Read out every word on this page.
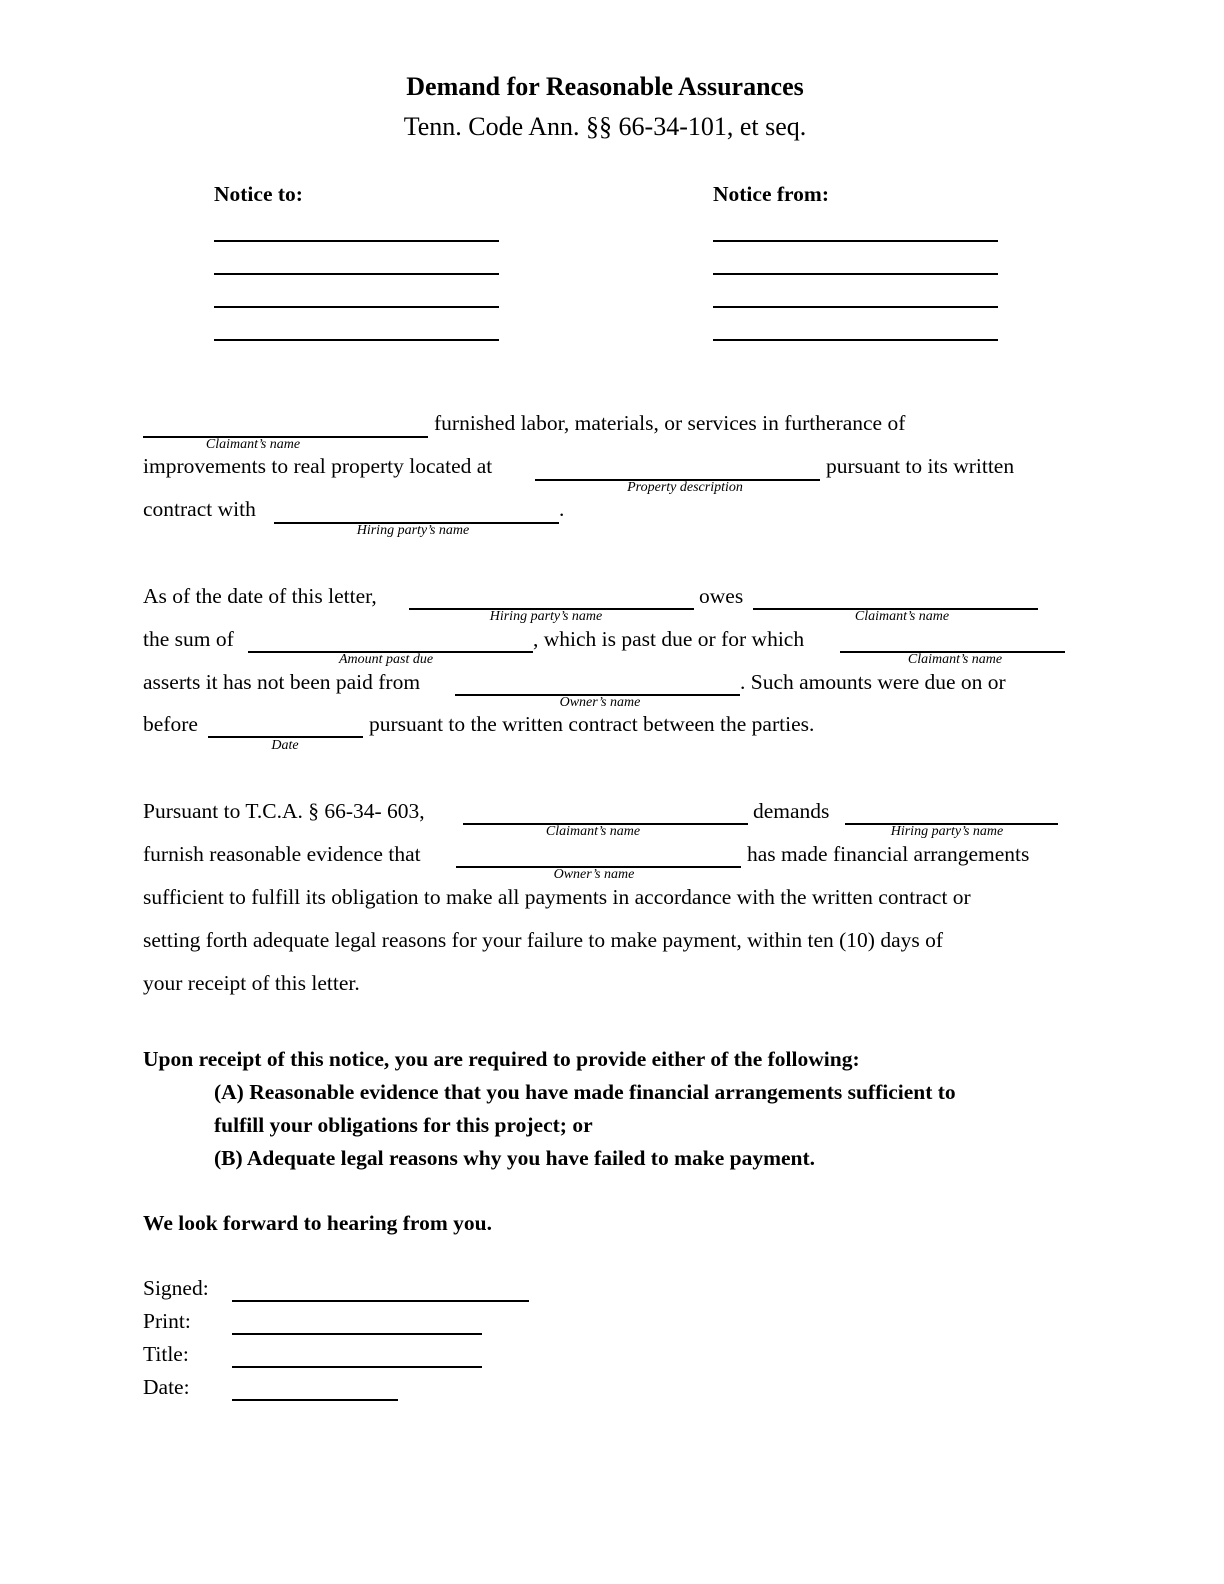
Demand for Reasonable Assurances
Tenn. Code Ann. §§ 66-34-101, et seq.
Notice to:	Notice from:
Claimant’s name
furnished labor, materials, or services in furtherance of
improvements to real property located at
Property description
pursuant to its written
contract with	.
Hiring party’s name
As of the date of this letter,
Hiring party’s name
owes
Claimant’s name
the sum of
Amount past due
, which is past due or for which
Claimant’s name
asserts it has not been paid from
Owner’s name
. Such amounts were due on or
before
Date
pursuant to the written contract between the parties.
Pursuant to T.C.A. § 66-34- 603,
Claimant’s name
demands
Hiring party’s name
furnish reasonable evidence that
Owner’s name
has made financial arrangements
sufficient to fulfill its obligation to make all payments in accordance with the written contract or
setting forth adequate legal reasons for your failure to make payment, within ten (10) days of
your receipt of this letter.
Upon receipt of this notice, you are required to provide either of the following:
(A) Reasonable evidence that you have made financial arrangements sufficient to
fulfill your obligations for this project; or
(B) Adequate legal reasons why you have failed to make payment.
We look forward to hearing from you.
Signed:
Print:
Title:
Date:
